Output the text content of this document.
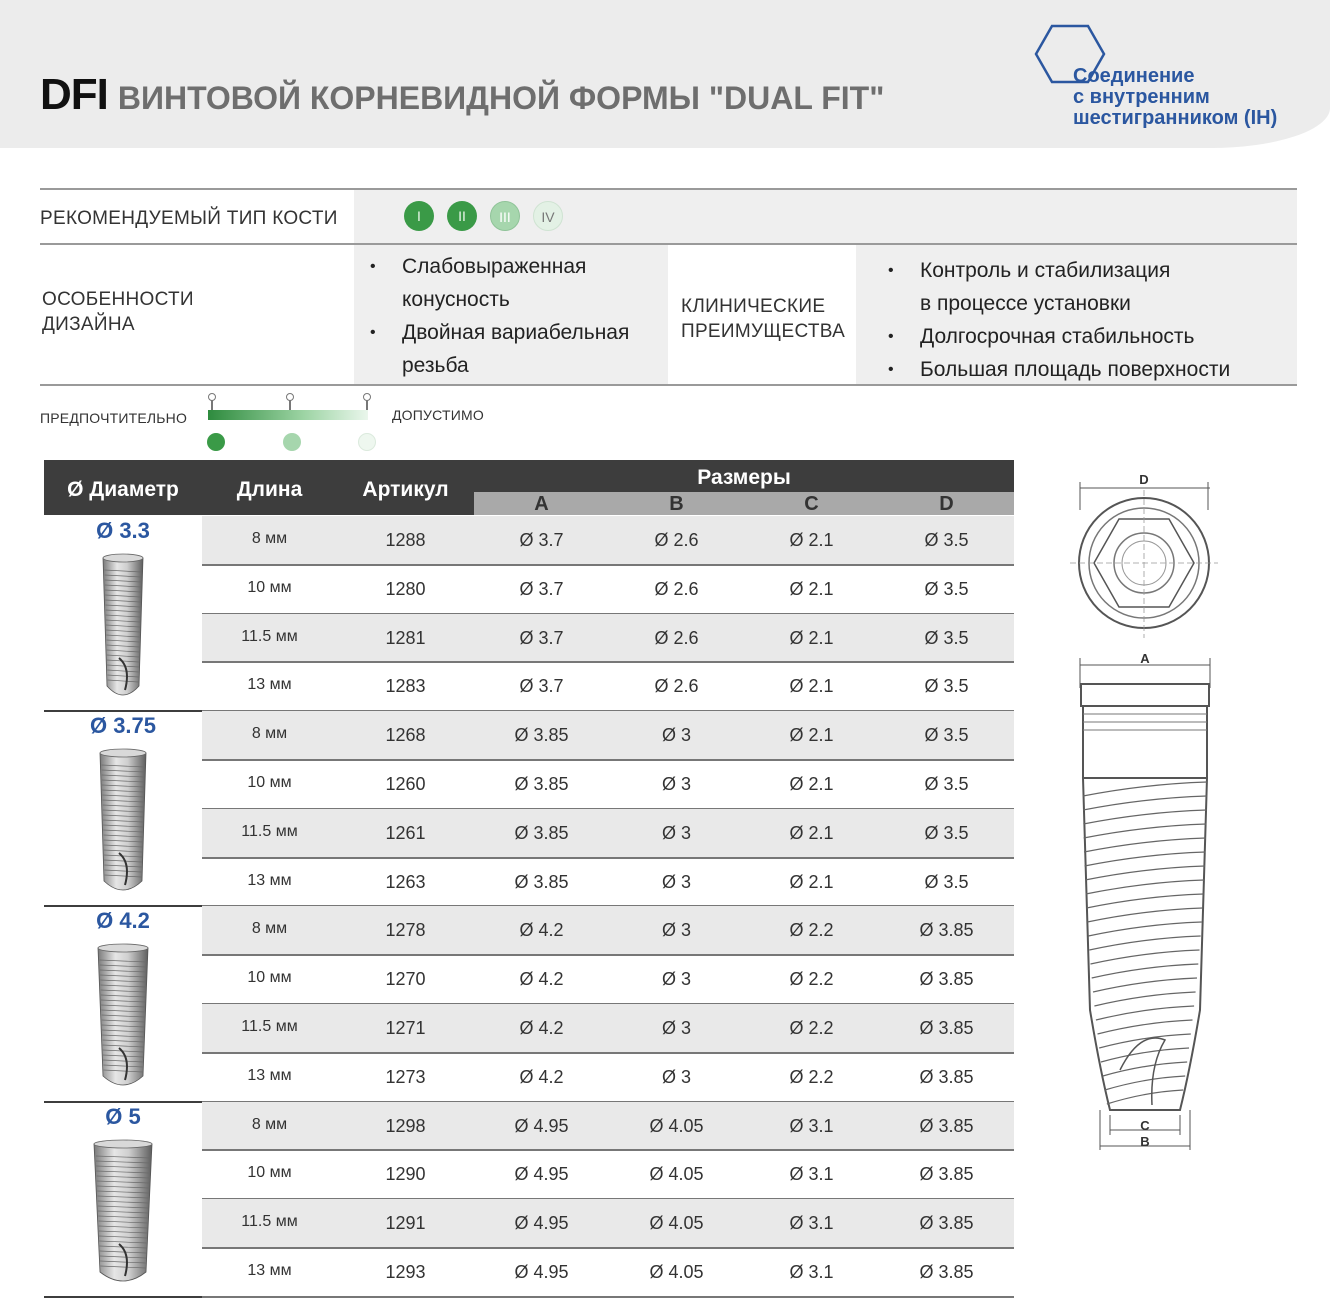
DFI ВИНТОВОЙ КОРНЕВИДНОЙ ФОРМЫ "DUAL FIT"
Соединение
с внутренним
шестигранником (IH)
РЕКОМЕНДУЕМЫЙ ТИП КОСТИ	I	II	III	IV
ОСОБЕННОСТИ
ДИЗАЙНА
• Слабовыраженная
конусность
• Двойная вариабельная
резьба
КЛИНИЧЕСКИЕ
ПРЕИМУЩЕСТВА
• Контроль и стабилизация
в процессе установки
• Долгосрочная стабильность
• Большая площадь поверхности
ПРЕДПОЧТИТЕЛЬНО	ДОПУСТИМО
Ø Диаметр	Длина	Артикул
Размеры
A	B	C	D
Ø 3.3	8 мм	1288	Ø 3.7	Ø 2.6	Ø 2.1	Ø 3.5
10 мм	1280	Ø 3.7	Ø 2.6	Ø 2.1	Ø 3.5
11.5 мм	1281	Ø 3.7	Ø 2.6	Ø 2.1	Ø 3.5
13 мм	1283	Ø 3.7	Ø 2.6	Ø 2.1	Ø 3.5
Ø 3.75	8 мм	1268	Ø 3.85	Ø 3	Ø 2.1	Ø 3.5
10 мм	1260	Ø 3.85	Ø 3	Ø 2.1	Ø 3.5
11.5 мм	1261	Ø 3.85	Ø 3	Ø 2.1	Ø 3.5
13 мм	1263	Ø 3.85	Ø 3	Ø 2.1	Ø 3.5
Ø 4.2	8 мм	1278	Ø 4.2	Ø 3	Ø 2.2	Ø 3.85
10 мм	1270	Ø 4.2	Ø 3	Ø 2.2	Ø 3.85
11.5 мм	1271	Ø 4.2	Ø 3	Ø 2.2	Ø 3.85
13 мм	1273	Ø 4.2	Ø 3	Ø 2.2	Ø 3.85
Ø 5	8 мм	1298	Ø 4.95	Ø 4.05	Ø 3.1	Ø 3.85
10 мм	1290	Ø 4.95	Ø 4.05	Ø 3.1	Ø 3.85
11.5 мм	1291	Ø 4.95	Ø 4.05	Ø 3.1	Ø 3.85
13 мм	1293	Ø 4.95	Ø 4.05	Ø 3.1	Ø 3.85
D
A
C
B
